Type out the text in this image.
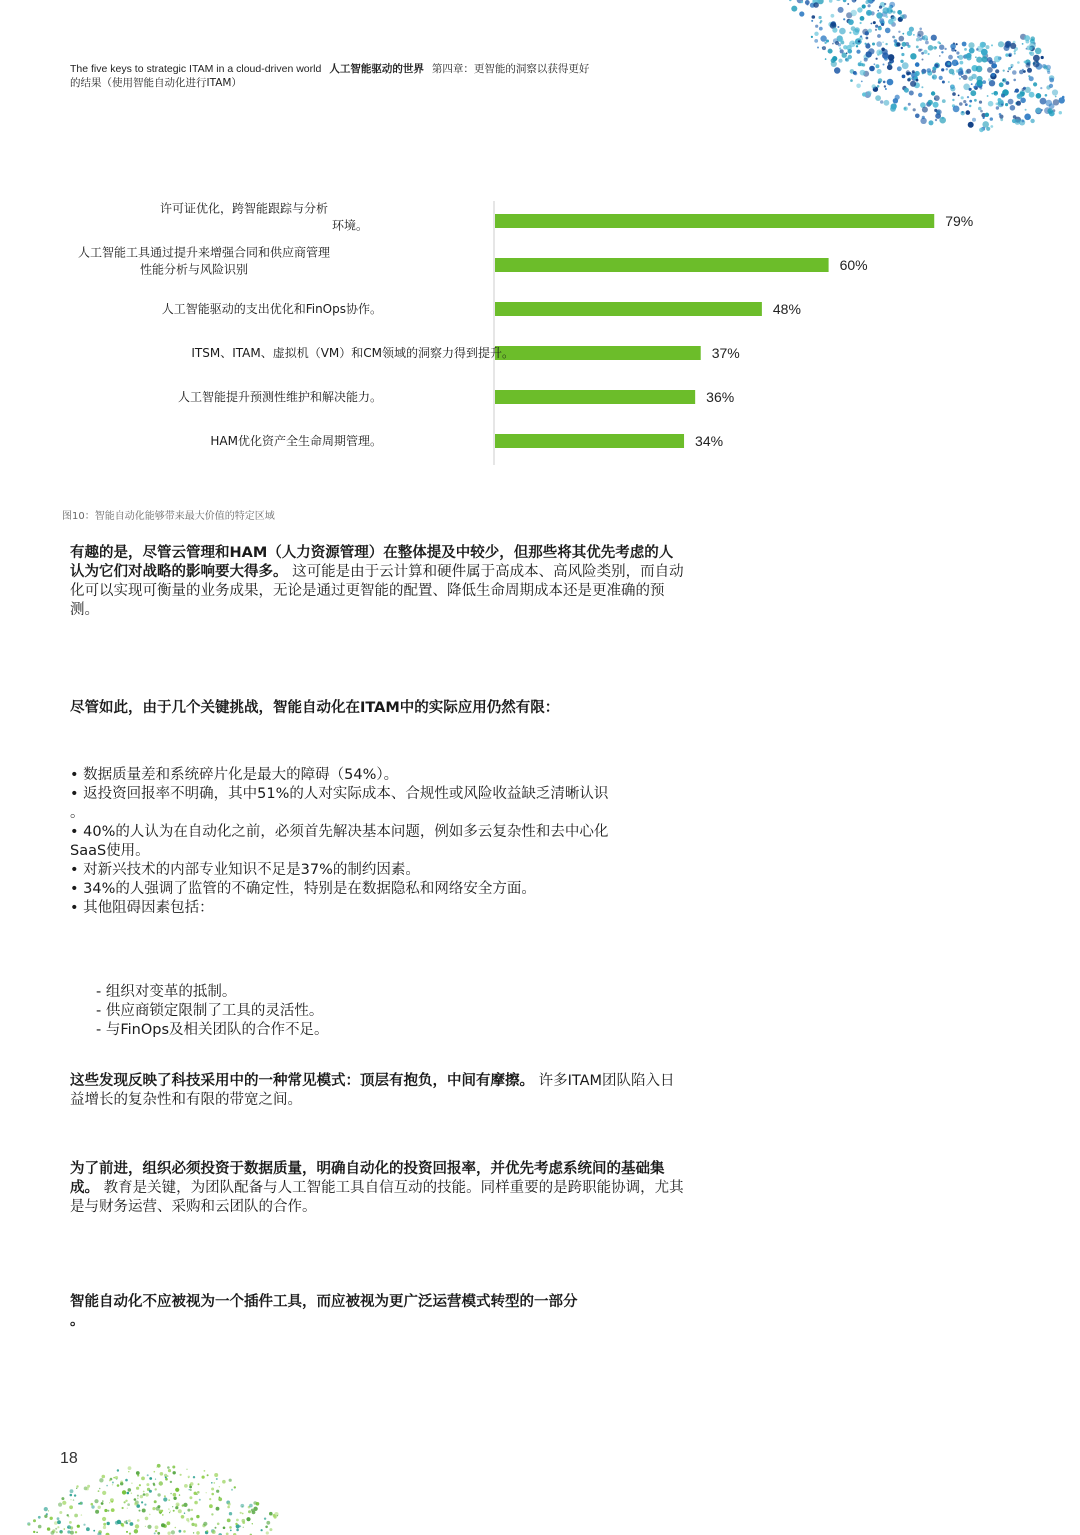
The five keys to strategic ITAM in a cloud-driven world 人工智能驱动的世界 第四章：更智能的洞察以获得更好
的结果（使用智能自动化进行ITAM）
79%
许可证优化，跨智能跟踪与分析
环境。
60%
人工智能工具通过提升来增强合同和供应商管理
性能分析与风险识别
48%
人工智能驱动的支出优化和FinOps协作。
37%
ITSM、ITAM、虚拟机（VM）和CM领域的洞察力得到提升。
36%
人工智能提升预测性维护和解决能力。
34%
HAM优化资产全生命周期管理。
图10：智能自动化能够带来最大价值的特定区域
有趣的是，尽管云管理和HAM（人力资源管理）在整体提及中较少，但那些将其优先考虑的人认为它们对战略的影响要大得多。 这可能是由于云计算和硬件属于高成本、高风险类别，而自动化可以实现可衡量的业务成果，无论是通过更智能的配置、降低生命周期成本还是更准确的预测。
尽管如此，由于几个关键挑战，智能自动化在ITAM中的实际应用仍然有限：
• 数据质量差和系统碎片化是最大的障碍（54%）。
• 返投资回报率不明确，其中51%的人对实际成本、合规性或风险收益缺乏清晰认识
。
• 40%的人认为在自动化之前，必须首先解决基本问题，例如多云复杂性和去中心化
SaaS使用。
• 对新兴技术的内部专业知识不足是37%的制约因素。
• 34%的人强调了监管的不确定性，特别是在数据隐私和网络安全方面。
• 其他阻碍因素包括：
- 组织对变革的抵制。
- 供应商锁定限制了工具的灵活性。
- 与FinOps及相关团队的合作不足。
这些发现反映了科技采用中的一种常见模式：顶层有抱负，中间有摩擦。 许多ITAM团队陷入日益增长的复杂性和有限的带宽之间。
为了前进，组织必须投资于数据质量，明确自动化的投资回报率，并优先考虑系统间的基础集成。 教育是关键，为团队配备与人工智能工具自信互动的技能。同样重要的是跨职能协调，尤其是与财务运营、采购和云团队的合作。
智能自动化不应被视为一个插件工具，而应被视为更广泛运营模式转型的一部分
。
18
